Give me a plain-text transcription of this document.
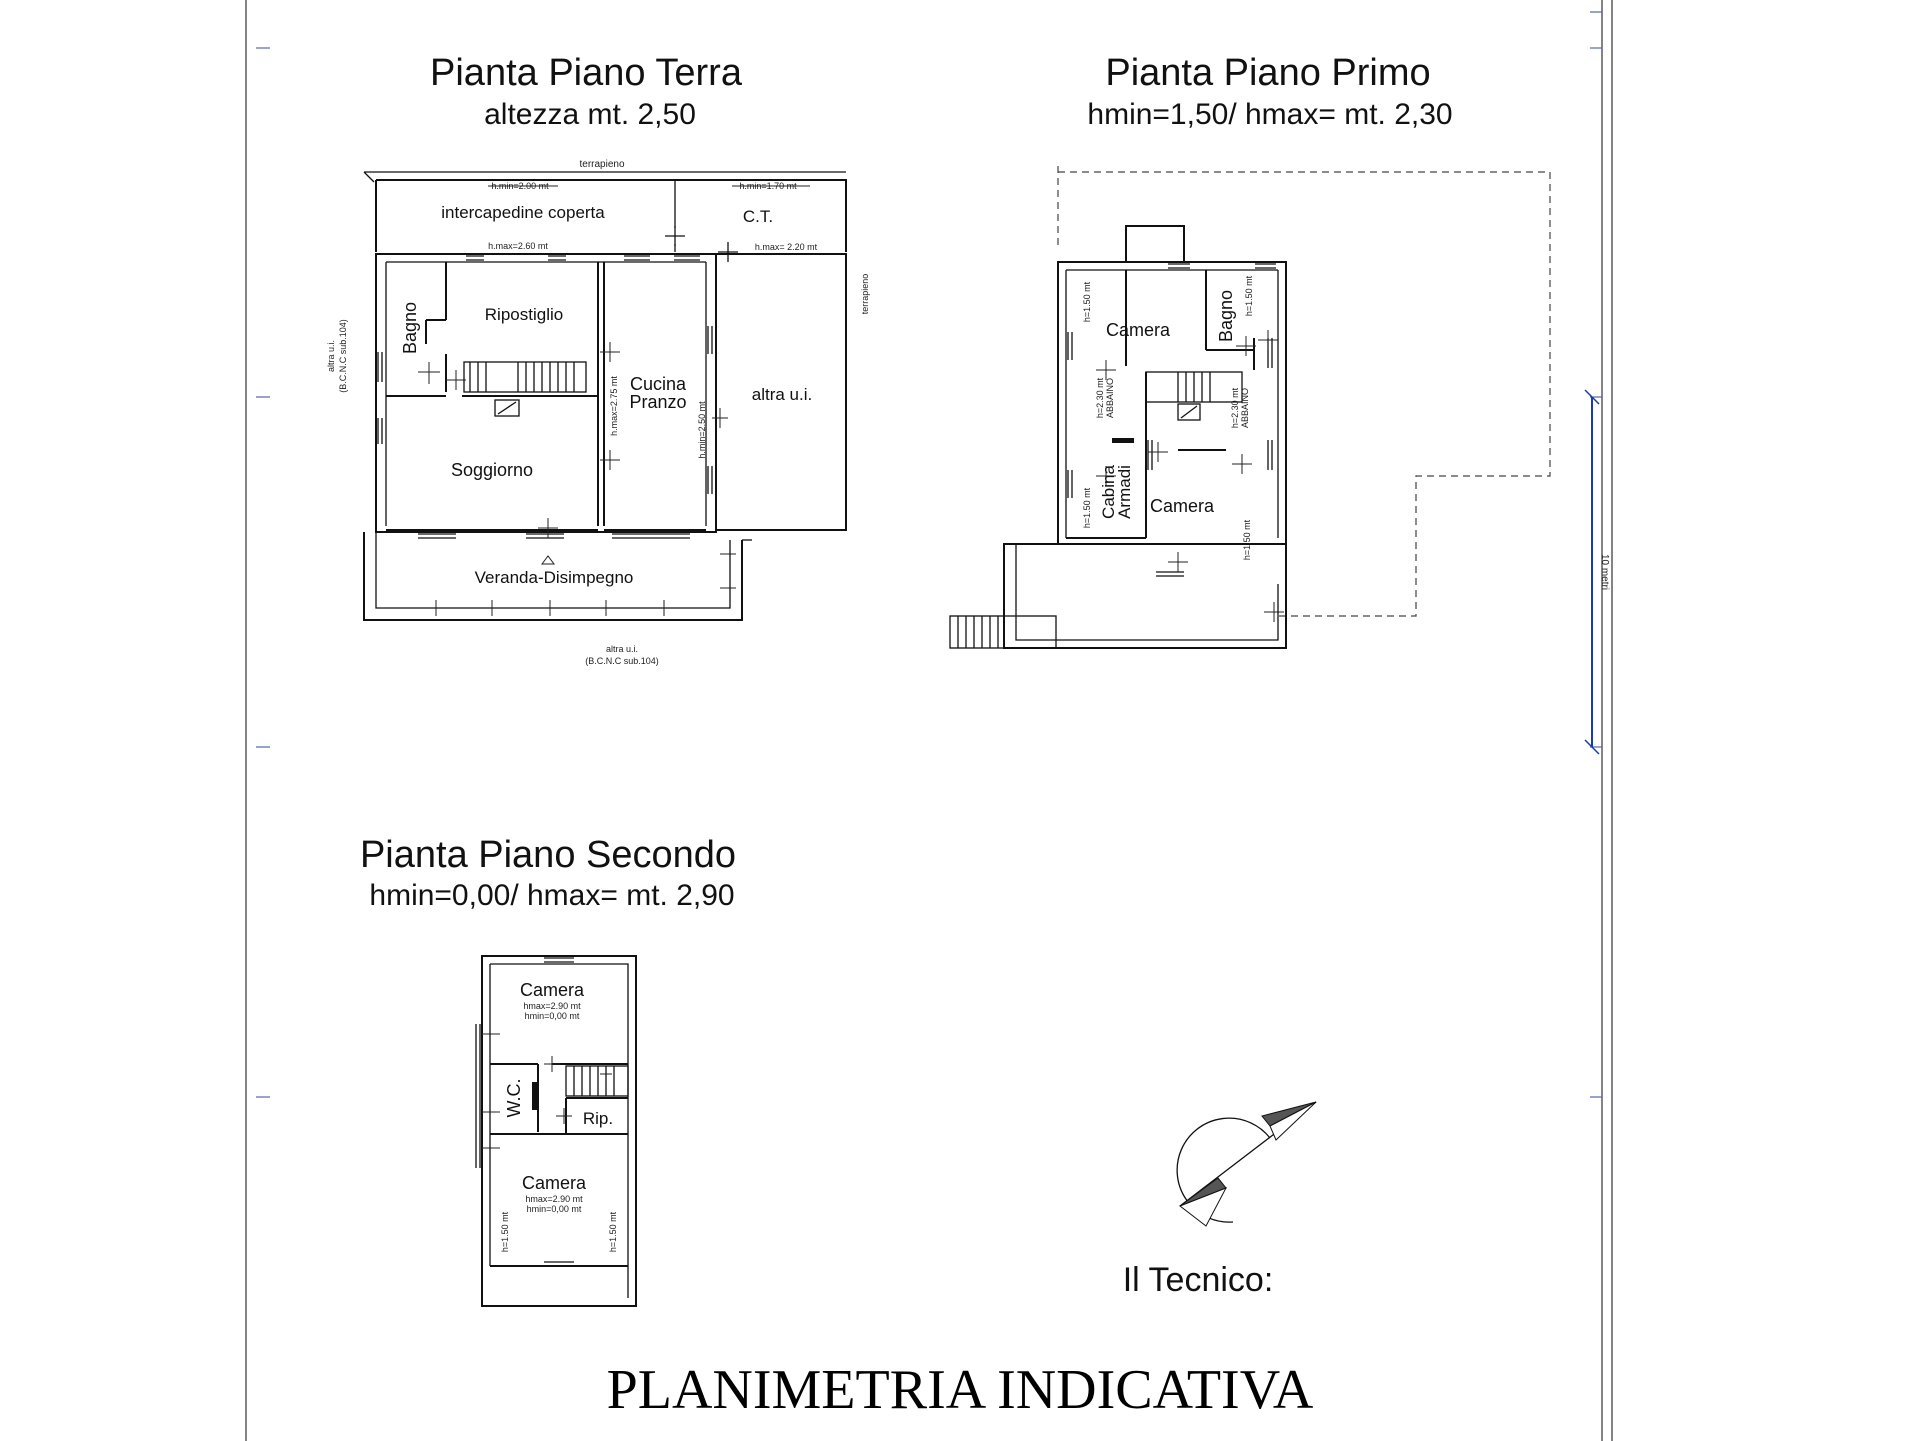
10 metri
Pianta Piano Terra
altezza mt. 2,50
terrapieno
h.min=2.00 mt	h.min=1.70 mt
intercapedine coperta	C.T.
h.max=2.60 mt	h.max= 2.20 mt
Bagno	Ripostiglio
Cucina
Pranzo	altra u.i.
h.max=2.75 mt	h.min=2.50 mt
Soggiorno
terrapieno
Veranda-Disimpegno
altra u.i. (B.C.N.C sub.104)
altra u.i.
(B.C.N.C sub.104)
Pianta Piano Primo
hmin=1,50/ hmax= mt. 2,30
Camera	Bagno
h=1.50 mt	h=1.50 mt
h=2.30 mt ABBAINO	h=2.30 mt ABBAINO
h=1.50 mt Cabina
Armadi Camera
h=1.50 mt
Pianta Piano Secondo
hmin=0,00/ hmax= mt. 2,90
Camera
hmax=2.90 mt
hmin=0,00 mt
W.C.
Rip.
Camera
hmax=2.90 mt
hmin=0,00 mt
h=1.50 mt	h=1.50 mt
Il Tecnico:
PLANIMETRIA INDICATIVA
